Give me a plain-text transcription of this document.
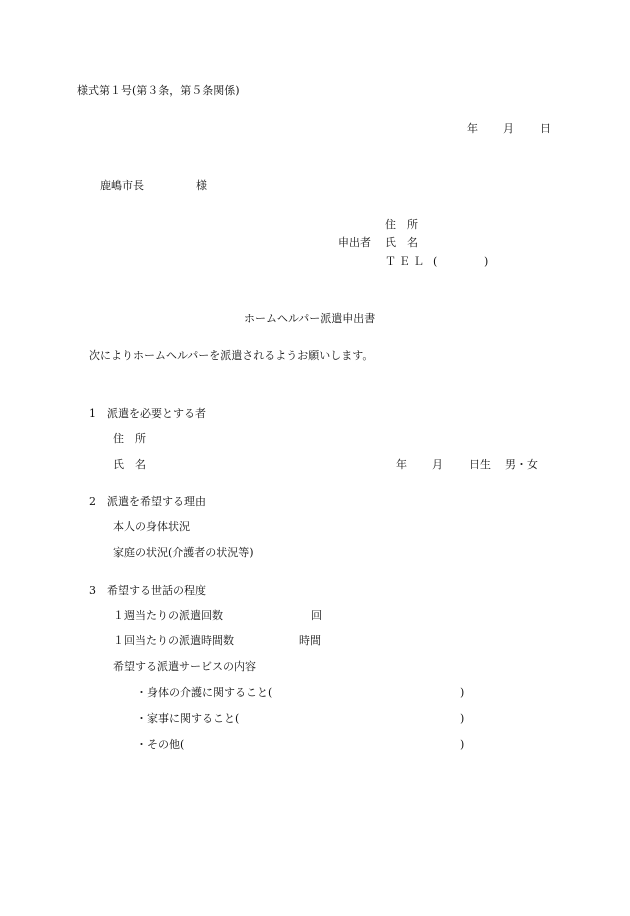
様式第１号(第３条，第５条関係)
年 月 日
鹿嶋市長	様
住　所
申出者 氏　名
ＴＥＬ (	)
ホームヘルパー派遣申出書
次によりホームヘルパーを派遣されるようお願いします。
1　派遣を必要とする者
住　所
氏　名	年 月 日生 男・女
2　派遣を希望する理由
本人の身体状況
家庭の状況(介護者の状況等)
3　希望する世話の程度
１週当たりの派遣回数	回
１回当たりの派遣時間数	時間
希望する派遣サービスの内容
・身体の介護に関すること(	)
・家事に関すること(	)
・その他(	)
